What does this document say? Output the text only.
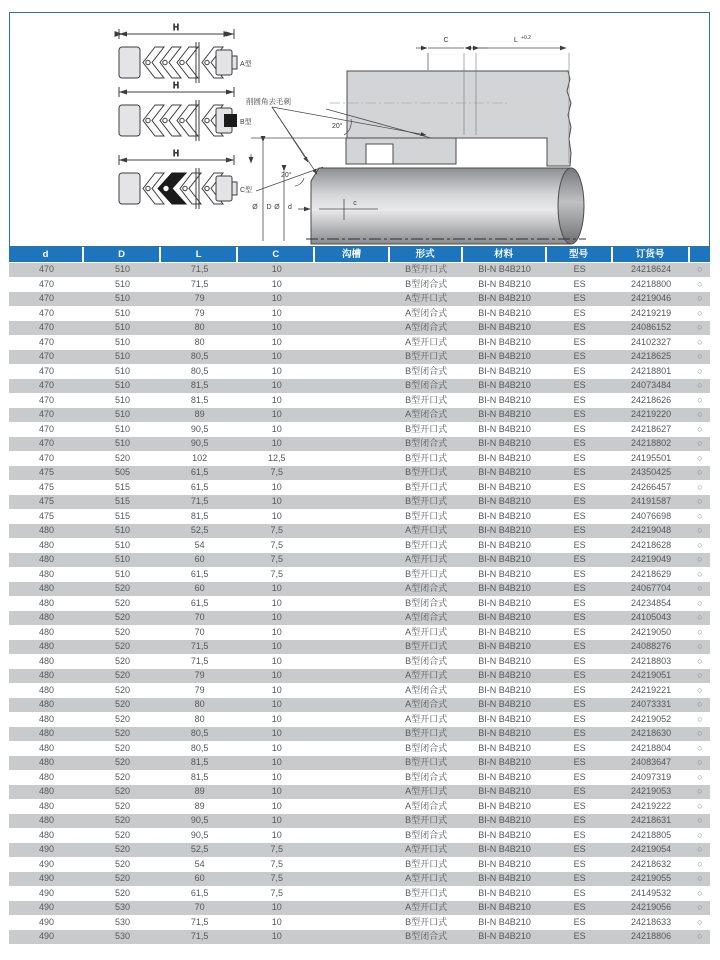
H
A型
H
B型
H
C型
20°
20°
Ø D Ø d
c
C	L +0.2
削圆角去毛刺
d	D	L	C	沟槽	形式	材料	型号	订货号	
470	510	71,5	10		B型开口式	BI-N B4B210	ES	24218624	○
470	510	71,5	10		B型闭合式	BI-N B4B210	ES	24218800	○
470	510	79	10		A型开口式	BI-N B4B210	ES	24219046	○
470	510	79	10		A型闭合式	BI-N B4B210	ES	24219219	○
470	510	80	10		A型闭合式	BI-N B4B210	ES	24086152	○
470	510	80	10		A型开口式	BI-N B4B210	ES	24102327	○
470	510	80,5	10		B型开口式	BI-N B4B210	ES	24218625	○
470	510	80,5	10		B型闭合式	BI-N B4B210	ES	24218801	○
470	510	81,5	10		B型闭合式	BI-N B4B210	ES	24073484	○
470	510	81,5	10		B型开口式	BI-N B4B210	ES	24218626	○
470	510	89	10		A型闭合式	BI-N B4B210	ES	24219220	○
470	510	90,5	10		B型开口式	BI-N B4B210	ES	24218627	○
470	510	90,5	10		B型闭合式	BI-N B4B210	ES	24218802	○
470	520	102	12,5		B型开口式	BI-N B4B210	ES	24195501	○
475	505	61,5	7,5		B型开口式	BI-N B4B210	ES	24350425	○
475	515	61,5	10		B型开口式	BI-N B4B210	ES	24266457	○
475	515	71,5	10		B型开口式	BI-N B4B210	ES	24191587	○
475	515	81,5	10		B型开口式	BI-N B4B210	ES	24076698	○
480	510	52,5	7,5		A型开口式	BI-N B4B210	ES	24219048	○
480	510	54	7,5		B型开口式	BI-N B4B210	ES	24218628	○
480	510	60	7,5		A型开口式	BI-N B4B210	ES	24219049	○
480	510	61,5	7,5		B型开口式	BI-N B4B210	ES	24218629	○
480	520	60	10		A型闭合式	BI-N B4B210	ES	24067704	○
480	520	61,5	10		B型闭合式	BI-N B4B210	ES	24234854	○
480	520	70	10		A型闭合式	BI-N B4B210	ES	24105043	○
480	520	70	10		A型开口式	BI-N B4B210	ES	24219050	○
480	520	71,5	10		B型开口式	BI-N B4B210	ES	24088276	○
480	520	71,5	10		B型闭合式	BI-N B4B210	ES	24218803	○
480	520	79	10		A型开口式	BI-N B4B210	ES	24219051	○
480	520	79	10		A型闭合式	BI-N B4B210	ES	24219221	○
480	520	80	10		A型闭合式	BI-N B4B210	ES	24073331	○
480	520	80	10		A型开口式	BI-N B4B210	ES	24219052	○
480	520	80,5	10		B型开口式	BI-N B4B210	ES	24218630	○
480	520	80,5	10		B型闭合式	BI-N B4B210	ES	24218804	○
480	520	81,5	10		B型开口式	BI-N B4B210	ES	24083647	○
480	520	81,5	10		B型闭合式	BI-N B4B210	ES	24097319	○
480	520	89	10		A型开口式	BI-N B4B210	ES	24219053	○
480	520	89	10		A型闭合式	BI-N B4B210	ES	24219222	○
480	520	90,5	10		B型开口式	BI-N B4B210	ES	24218631	○
480	520	90,5	10		B型闭合式	BI-N B4B210	ES	24218805	○
490	520	52,5	7,5		A型开口式	BI-N B4B210	ES	24219054	○
490	520	54	7,5		B型开口式	BI-N B4B210	ES	24218632	○
490	520	60	7,5		A型开口式	BI-N B4B210	ES	24219055	○
490	520	61,5	7,5		B型开口式	BI-N B4B210	ES	24149532	○
490	530	70	10		A型开口式	BI-N B4B210	ES	24219056	○
490	530	71,5	10		B型开口式	BI-N B4B210	ES	24218633	○
490	530	71,5	10		B型闭合式	BI-N B4B210	ES	24218806	○
